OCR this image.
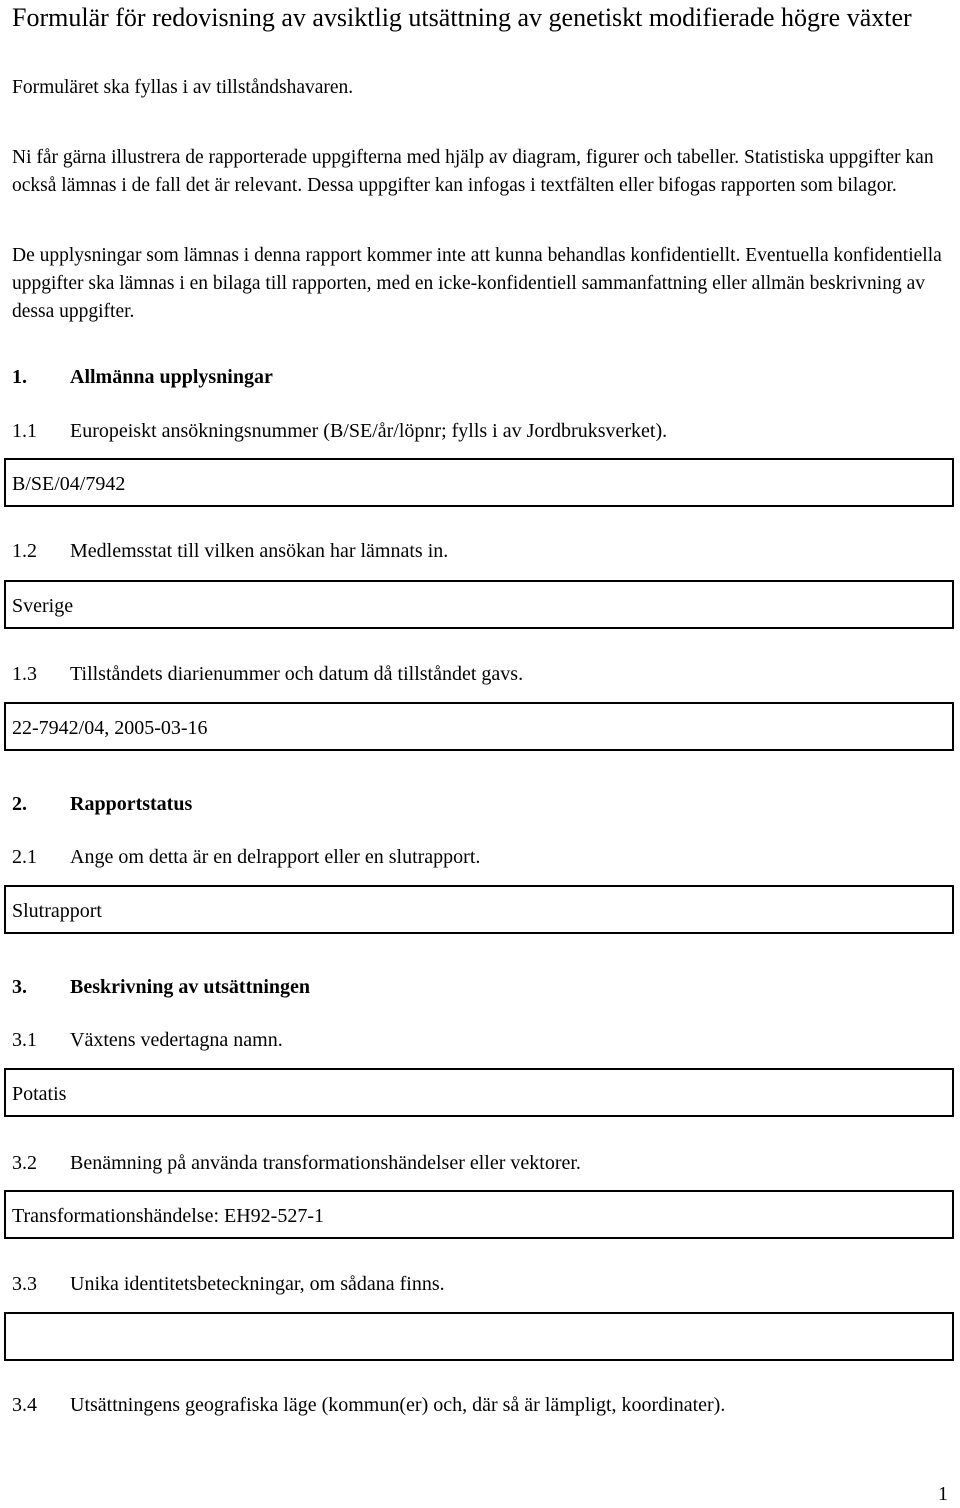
Formulär för redovisning av avsiktlig utsättning av genetiskt modifierade högre växter

Formuläret ska fyllas i av tillståndshavaren.

Ni får gärna illustrera de rapporterade uppgifterna med hjälp av diagram, figurer och tabeller. Statistiska uppgifter kan också lämnas i de fall det är relevant. Dessa uppgifter kan infogas i textfälten eller bifogas rapporten som bilagor.

De upplysningar som lämnas i denna rapport kommer inte att kunna behandlas konfidentiellt. Eventuella konfidentiella uppgifter ska lämnas i en bilaga till rapporten, med en icke-konfidentiell sammanfattning eller allmän beskrivning av dessa uppgifter.

1. Allmänna upplysningar
1.1 Europeiskt ansökningsnummer (B/SE/år/löpnr; fylls i av Jordbruksverket).
B/SE/04/7942
1.2 Medlemsstat till vilken ansökan har lämnats in.
Sverige
1.3 Tillståndets diarienummer och datum då tillståndet gavs.
22-7942/04, 2005-03-16
2. Rapportstatus
2.1 Ange om detta är en delrapport eller en slutrapport.
Slutrapport
3. Beskrivning av utsättningen
3.1 Växtens vedertagna namn.
Potatis
3.2 Benämning på använda transformationshändelser eller vektorer.
Transformationshändelse: EH92-527-1
3.3 Unika identitetsbeteckningar, om sådana finns.
3.4 Utsättningens geografiska läge (kommun(er) och, där så är lämpligt, koordinater).
1
